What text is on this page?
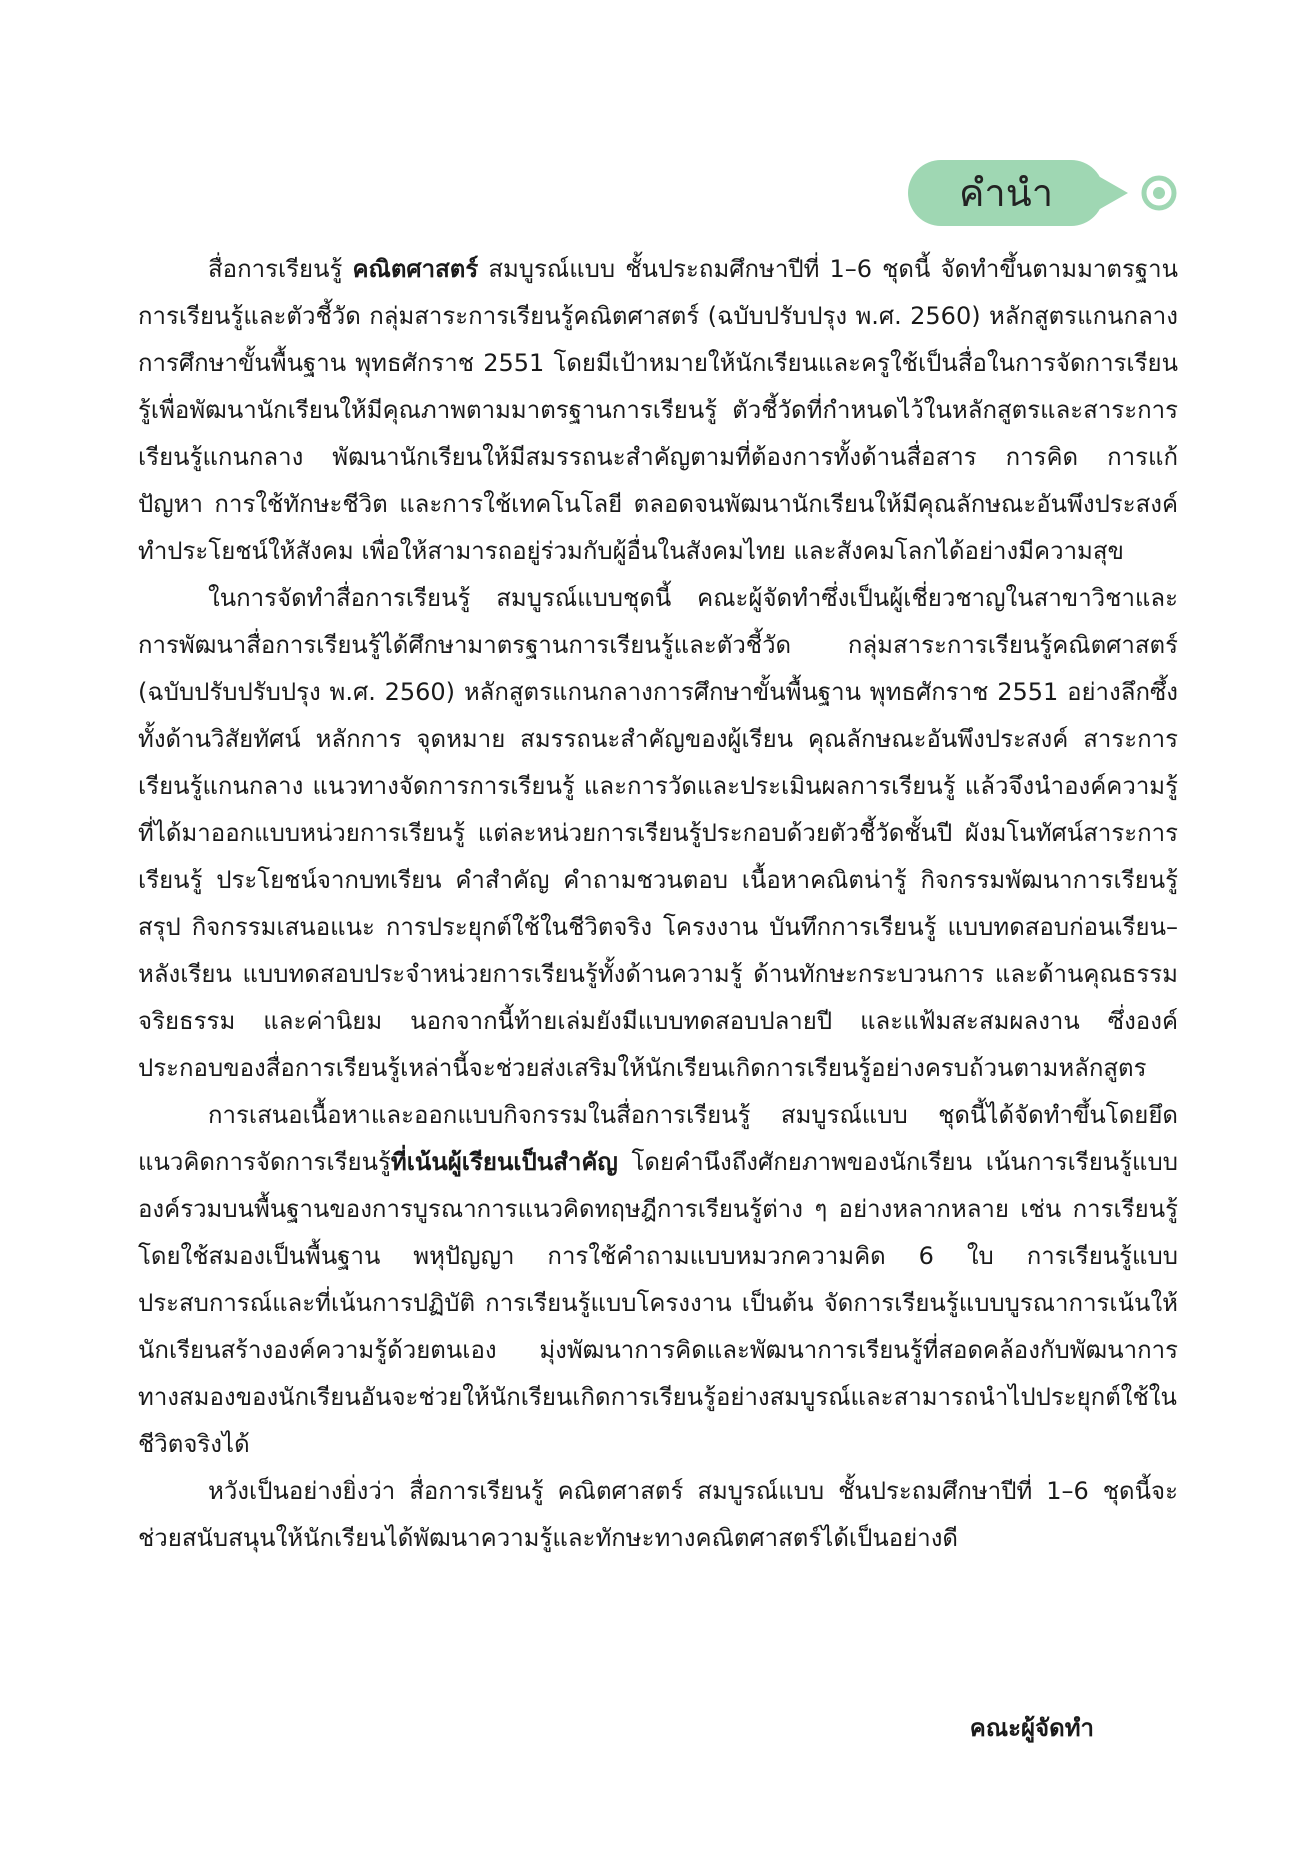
คำนำ

สื่อการเรียนรู้ คณิตศาสตร์ สมบูรณ์แบบ ชั้นประถมศึกษาปีที่ 1–6 ชุดนี้ จัดทำขึ้นตามมาตรฐานการเรียนรู้และตัวชี้วัด กลุ่มสาระการเรียนรู้คณิตศาสตร์ (ฉบับปรับปรุง พ.ศ. 2560) หลักสูตรแกนกลางการศึกษาขั้นพื้นฐาน พุทธศักราช 2551 โดยมีเป้าหมายให้นักเรียนและครูใช้เป็นสื่อในการจัดการเรียนรู้เพื่อพัฒนานักเรียนให้มีคุณภาพตามมาตรฐานการเรียนรู้ ตัวชี้วัดที่กำหนดไว้ในหลักสูตรและสาระการเรียนรู้แกนกลาง พัฒนานักเรียนให้มีสมรรถนะสำคัญตามที่ต้องการทั้งด้านสื่อสาร การคิด การแก้ปัญหา การใช้ทักษะชีวิต และการใช้เทคโนโลยี ตลอดจนพัฒนานักเรียนให้มีคุณลักษณะอันพึงประสงค์ ทำประโยชน์ให้สังคม เพื่อให้สามารถอยู่ร่วมกับผู้อื่นในสังคมไทย และสังคมโลกได้อย่างมีความสุข

ในการจัดทำสื่อการเรียนรู้ สมบูรณ์แบบชุดนี้ คณะผู้จัดทำซึ่งเป็นผู้เชี่ยวชาญในสาขาวิชาและการพัฒนาสื่อการเรียนรู้ได้ศึกษามาตรฐานการเรียนรู้และตัวชี้วัด กลุ่มสาระการเรียนรู้คณิตศาสตร์ (ฉบับปรับปรับปรุง พ.ศ. 2560) หลักสูตรแกนกลางการศึกษาขั้นพื้นฐาน พุทธศักราช 2551 อย่างลึกซึ้ง ทั้งด้านวิสัยทัศน์ หลักการ จุดหมาย สมรรถนะสำคัญของผู้เรียน คุณลักษณะอันพึงประสงค์ สาระการเรียนรู้แกนกลาง แนวทางจัดการการเรียนรู้ และการวัดและประเมินผลการเรียนรู้ แล้วจึงนำองค์ความรู้ที่ได้มาออกแบบหน่วยการเรียนรู้ แต่ละหน่วยการเรียนรู้ประกอบด้วยตัวชี้วัดชั้นปี ผังมโนทัศน์สาระการเรียนรู้ ประโยชน์จากบทเรียน คำสำคัญ คำถามชวนตอบ เนื้อหาคณิตน่ารู้ กิจกรรมพัฒนาการเรียนรู้ สรุป กิจกรรมเสนอแนะ การประยุกต์ใช้ในชีวิตจริง โครงงาน บันทึกการเรียนรู้ แบบทดสอบก่อนเรียน–หลังเรียน แบบทดสอบประจำหน่วยการเรียนรู้ทั้งด้านความรู้ ด้านทักษะกระบวนการ และด้านคุณธรรม จริยธรรม และค่านิยม นอกจากนี้ท้ายเล่มยังมีแบบทดสอบปลายปี และแฟ้มสะสมผลงาน ซึ่งองค์ประกอบของสื่อการเรียนรู้เหล่านี้จะช่วยส่งเสริมให้นักเรียนเกิดการเรียนรู้อย่างครบถ้วนตามหลักสูตร

การเสนอเนื้อหาและออกแบบกิจกรรมในสื่อการเรียนรู้ สมบูรณ์แบบ ชุดนี้ได้จัดทำขึ้นโดยยึดแนวคิดการจัดการเรียนรู้ที่เน้นผู้เรียนเป็นสำคัญ โดยคำนึงถึงศักยภาพของนักเรียน เน้นการเรียนรู้แบบองค์รวมบนพื้นฐานของการบูรณาการแนวคิดทฤษฎีการเรียนรู้ต่าง ๆ อย่างหลากหลาย เช่น การเรียนรู้โดยใช้สมองเป็นพื้นฐาน พหุปัญญา การใช้คำถามแบบหมวกความคิด 6 ใบ การเรียนรู้แบบประสบการณ์และที่เน้นการปฏิบัติ การเรียนรู้แบบโครงงาน เป็นต้น จัดการเรียนรู้แบบบูรณาการเน้นให้นักเรียนสร้างองค์ความรู้ด้วยตนเอง มุ่งพัฒนาการคิดและพัฒนาการเรียนรู้ที่สอดคล้องกับพัฒนาการทางสมองของนักเรียนอันจะช่วยให้นักเรียนเกิดการเรียนรู้อย่างสมบูรณ์และสามารถนำไปประยุกต์ใช้ในชีวิตจริงได้

หวังเป็นอย่างยิ่งว่า สื่อการเรียนรู้ คณิตศาสตร์ สมบูรณ์แบบ ชั้นประถมศึกษาปีที่ 1–6 ชุดนี้จะช่วยสนับสนุนให้นักเรียนได้พัฒนาความรู้และทักษะทางคณิตศาสตร์ได้เป็นอย่างดี

คณะผู้จัดทำ
